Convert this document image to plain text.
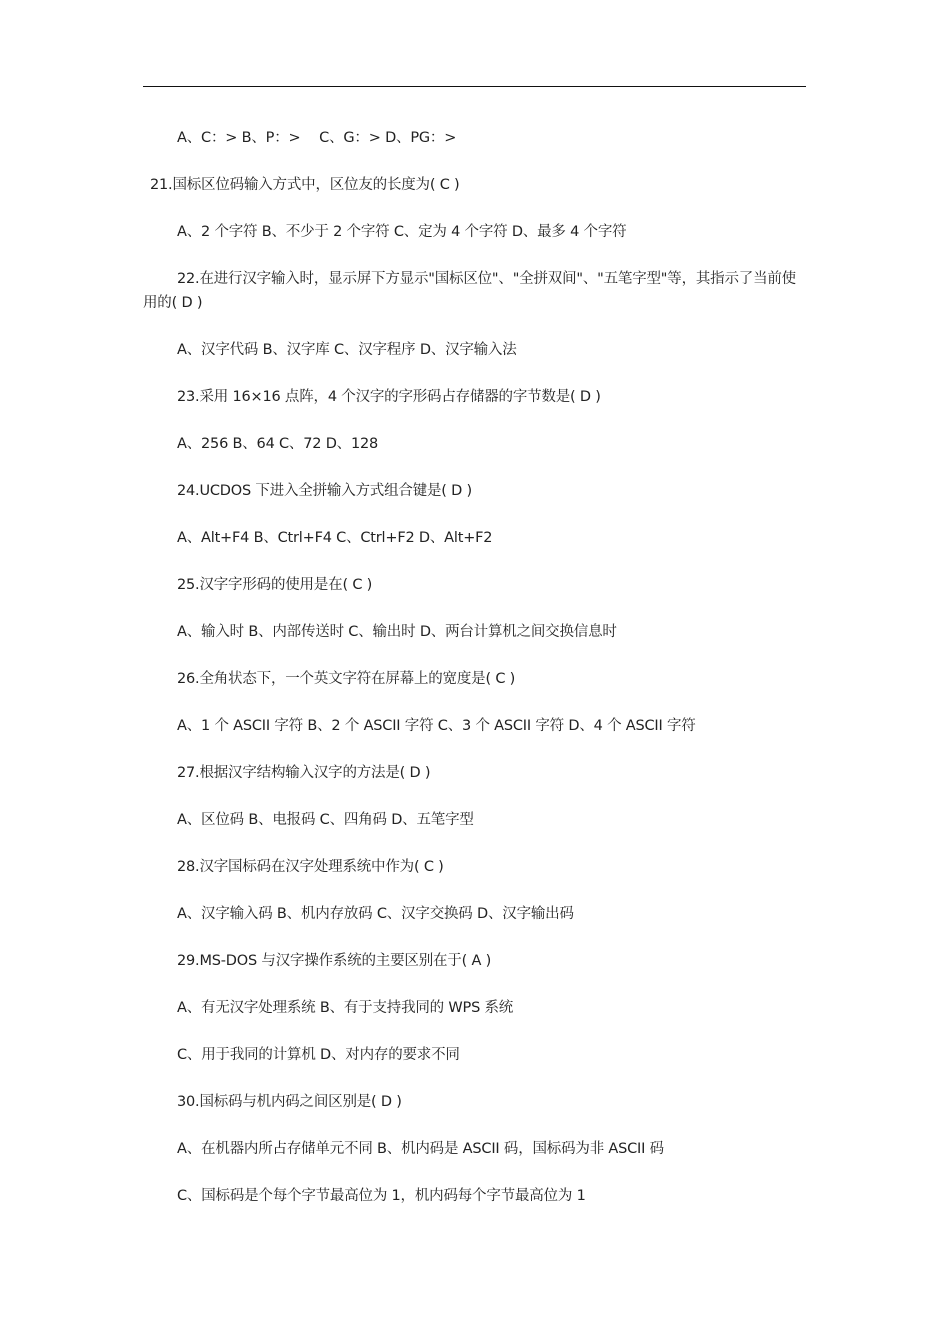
A、C：> B、P：>　 C、G：> D、PG：>
21.国标区位码输入方式中，区位友的长度为( C )
A、2 个字符 B、不少于 2 个字符 C、定为 4 个字符 D、最多 4 个字符
22.在进行汉字输入时，显示屏下方显示"国标区位"、"全拼双间"、"五笔字型"等，其指示了当前使用的( D )
A、汉字代码 B、汉字库 C、汉字程序 D、汉字输入法
23.采用 16×16 点阵，4 个汉字的字形码占存储器的字节数是( D )
A、256 B、64 C、72 D、128
24.UCDOS 下进入全拼输入方式组合键是( D )
A、Alt+F4 B、Ctrl+F4 C、Ctrl+F2 D、Alt+F2
25.汉字字形码的使用是在( C )
A、输入时 B、内部传送时 C、输出时 D、两台计算机之间交换信息时
26.全角状态下，一个英文字符在屏幕上的宽度是( C )
A、1 个 ASCII 字符 B、2 个 ASCII 字符 C、3 个 ASCII 字符 D、4 个 ASCII 字符
27.根据汉字结构输入汉字的方法是( D )
A、区位码 B、电报码 C、四角码 D、五笔字型
28.汉字国标码在汉字处理系统中作为( C )
A、汉字输入码 B、机内存放码 C、汉字交换码 D、汉字输出码
29.MS-DOS 与汉字操作系统的主要区别在于( A )
A、有无汉字处理系统 B、有于支持我同的 WPS 系统
C、用于我同的计算机 D、对内存的要求不同
30.国标码与机内码之间区别是( D )
A、在机器内所占存储单元不同 B、机内码是 ASCII 码，国标码为非 ASCII 码
C、国标码是个每个字节最高位为 1，机内码每个字节最高位为 1
